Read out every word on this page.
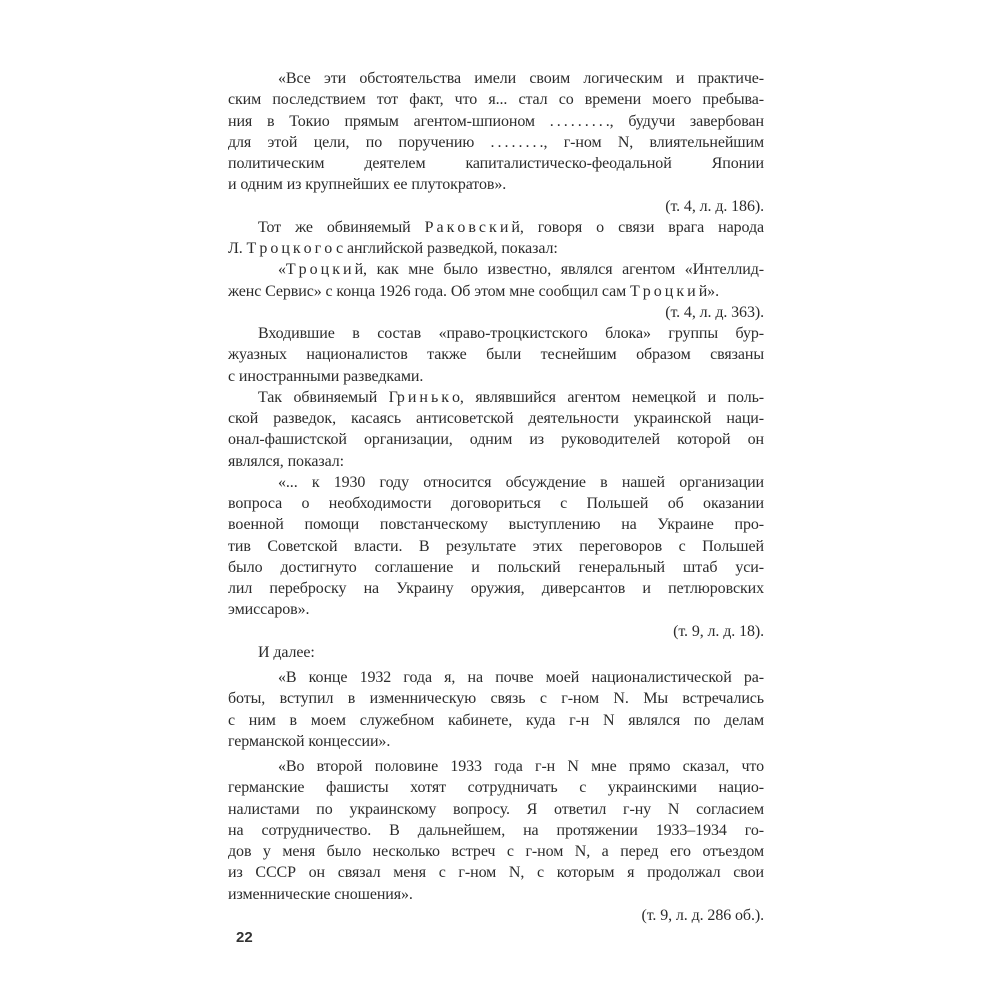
«Все эти обстоятельства имели своим логическим и практиче-
ским последствием тот факт, что я... стал со времени моего пребыва-
ния в Токио прямым агентом-шпионом . . . . . . . . ., будучи завербован
для этой цели, по поручению . . . . . . . ., г-ном N, влиятельнейшим
политическим деятелем капиталистическо-феодальной Японии
и одним из крупнейших ее плутократов».
(т. 4, л. д. 186).
Тот же обвиняемый Р а к о в с к и й, говоря о связи врага народа
Л. Т р о ц к о г о с английской разведкой, показал:
«Т р о ц к и й, как мне было известно, являлся агентом «Интеллид-
женс Сервис» с конца 1926 года. Об этом мне сообщил сам Т р о ц к и й».
(т. 4, л. д. 363).
Входившие в состав «право-троцкистского блока» группы бур-
жуазных националистов также были теснейшим образом связаны
с иностранными разведками.
Так обвиняемый Гр и н ь к о, являвшийся агентом немецкой и поль-
ской разведок, касаясь антисоветской деятельности украинской наци-
онал-фашистской организации, одним из руководителей которой он
являлся, показал:
«... к 1930 году относится обсуждение в нашей организации
вопроса о необходимости договориться с Польшей об оказании
военной помощи повстанческому выступлению на Украине про-
тив Советской власти. В результате этих переговоров с Польшей
было достигнуто соглашение и польский генеральный штаб уси-
лил переброску на Украину оружия, диверсантов и петлюровских
эмиссаров».
(т. 9, л. д. 18).
И далее:
«В конце 1932 года я, на почве моей националистической ра-
боты, вступил в изменническую связь с г-ном N. Мы встречались
с ним в моем служебном кабинете, куда г-н N являлся по делам
германской концессии».
«Во второй половине 1933 года г-н N мне прямо сказал, что
германские фашисты хотят сотрудничать с украинскими нацио-
налистами по украинскому вопросу. Я ответил г-ну N согласием
на сотрудничество. В дальнейшем, на протяжении 1933–1934 го-
дов у меня было несколько встреч с г-ном N, а перед его отъездом
из СССР он связал меня с г-ном N, с которым я продолжал свои
изменнические сношения».
(т. 9, л. д. 286 об.).
22
